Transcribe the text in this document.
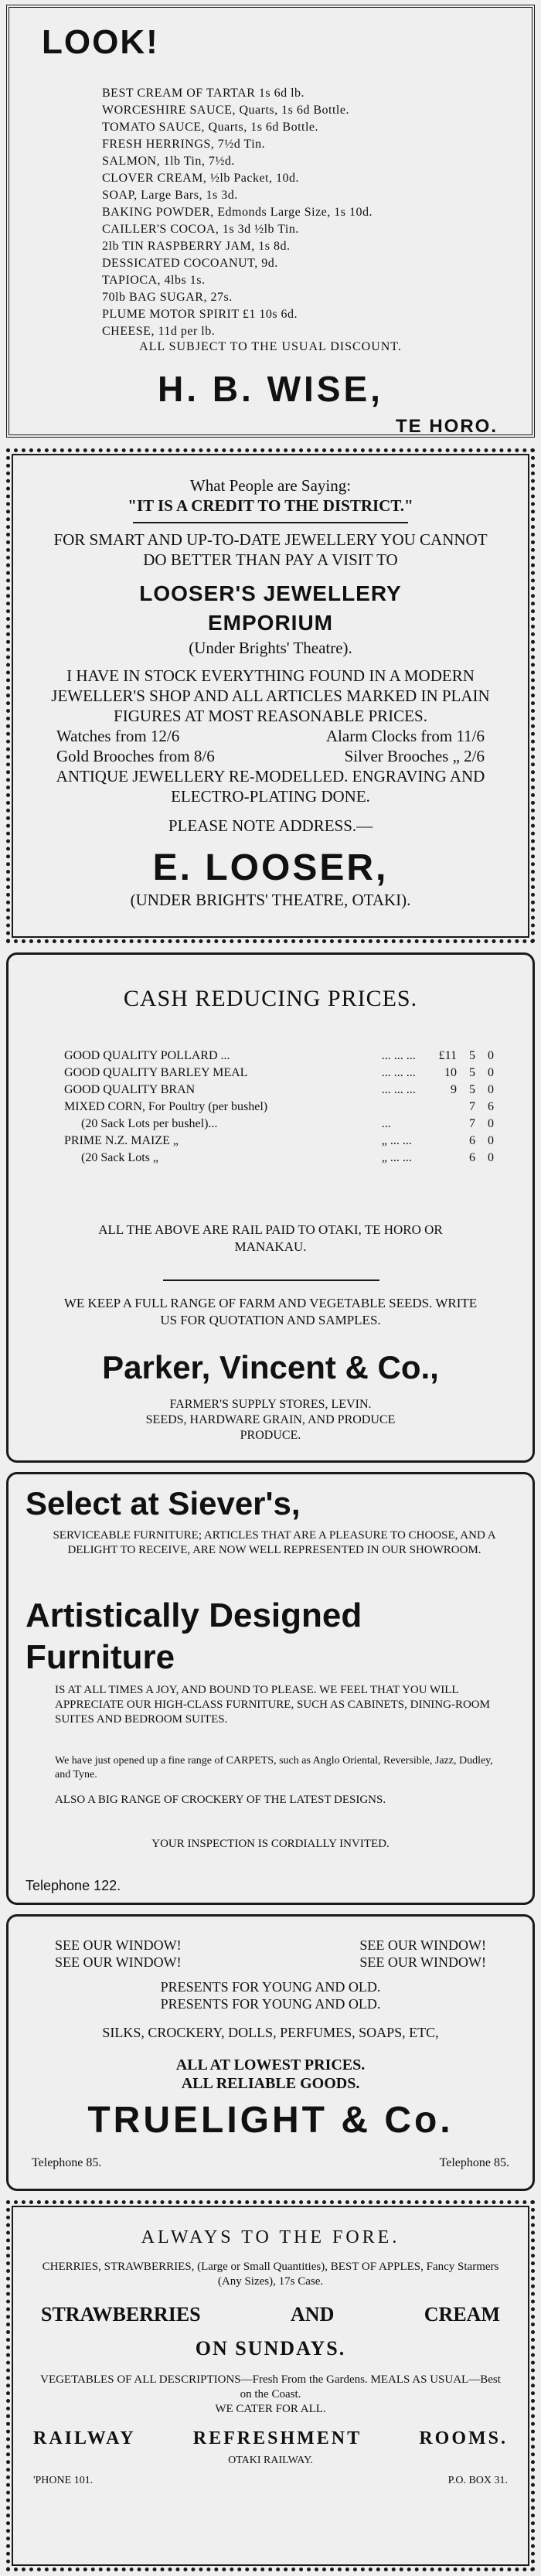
LOOK!
BEST CREAM OF TARTAR 1s 6d lb.
WORCESHIRE SAUCE, Quarts, 1s 6d Bottle.
TOMATO SAUCE, Quarts, 1s 6d Bottle.
FRESH HERRINGS, 7½d Tin.
SALMON, 1lb Tin, 7½d.
CLOVER CREAM, ½lb Packet, 10d.
SOAP, Large Bars, 1s 3d.
BAKING POWDER, Edmonds Large Size, 1s 10d.
CAILLER'S COCOA, 1s 3d ½lb Tin.
2lb TIN RASPBERRY JAM, 1s 8d.
DESSICATED COCOANUT, 9d.
TAPIOCA, 4lbs 1s.
70lb BAG SUGAR, 27s.
PLUME MOTOR SPIRIT £1 10s 6d.
CHEESE, 11d per lb.
ALL SUBJECT TO THE USUAL DISCOUNT.
H. B. WISE,
TE HORO.
What People are Saying:
"IT IS A CREDIT TO THE DISTRICT."
FOR SMART AND UP-TO-DATE JEWELLERY YOU CANNOT DO BETTER THAN PAY A VISIT TO
LOOSER'S JEWELLERY
EMPORIUM
(Under Brights' Theatre).
I HAVE IN STOCK EVERYTHING FOUND IN A MODERN JEWELLER'S SHOP AND ALL ARTICLES MARKED IN PLAIN FIGURES AT MOST REASONABLE PRICES.
Watches from 12/6	Alarm Clocks from 11/6
Gold Brooches from 8/6	Silver Brooches „ 2/6
ANTIQUE JEWELLERY RE-MODELLED. ENGRAVING AND ELECTRO-PLATING DONE.
PLEASE NOTE ADDRESS.—
E. LOOSER,
(UNDER BRIGHTS' THEATRE, OTAKI).
CASH REDUCING PRICES.
GOOD QUALITY POLLARD ...	... ... ...	£11	5	0
GOOD QUALITY BARLEY MEAL	... ... ...	10	5	0
GOOD QUALITY BRAN	... ... ...	9	5	0
MIXED CORN, For Poultry (per bushel)			7	6
(20 Sack Lots per bushel)...	...		7	0
PRIME N.Z. MAIZE „	„ ... ...		6	0
(20 Sack Lots „	„ ... ...		6	0
ALL THE ABOVE ARE RAIL PAID TO OTAKI, TE HORO OR MANAKAU.
WE KEEP A FULL RANGE OF FARM AND VEGETABLE SEEDS. WRITE US FOR QUOTATION AND SAMPLES.
Parker, Vincent & Co.,
FARMER'S SUPPLY STORES, LEVIN.
SEEDS, HARDWARE GRAIN, AND PRODUCE
PRODUCE.
Select at Siever's,
SERVICEABLE FURNITURE; ARTICLES THAT ARE A PLEASURE TO CHOOSE, AND A DELIGHT TO RECEIVE, ARE NOW WELL REPRESENTED IN OUR SHOWROOM.
Artistically Designed
Furniture
IS AT ALL TIMES A JOY, AND BOUND TO PLEASE. WE FEEL THAT YOU WILL APPRECIATE OUR HIGH-CLASS FURNITURE, SUCH AS CABINETS, DINING-ROOM SUITES AND BEDROOM SUITES.
We have just opened up a fine range of CARPETS, such as Anglo Oriental, Reversible, Jazz, Dudley, and Tyne.
ALSO A BIG RANGE OF CROCKERY OF THE LATEST DESIGNS.
YOUR INSPECTION IS CORDIALLY INVITED.
Telephone 122.
SEE OUR WINDOW!	SEE OUR WINDOW!
SEE OUR WINDOW!	SEE OUR WINDOW!
PRESENTS FOR YOUNG AND OLD.
PRESENTS FOR YOUNG AND OLD.
SILKS, CROCKERY, DOLLS, PERFUMES, SOAPS, ETC,
ALL AT LOWEST PRICES.
ALL RELIABLE GOODS.
TRUELIGHT & Co.
Telephone 85.	Telephone 85.
ALWAYS TO THE FORE.
CHERRIES, STRAWBERRIES, (Large or Small Quantities), BEST OF APPLES, Fancy Starmers (Any Sizes), 17s Case.
STRAWBERRIES	AND	CREAM
ON SUNDAYS.
VEGETABLES OF ALL DESCRIPTIONS—Fresh From the Gardens. MEALS AS USUAL—Best on the Coast.
WE CATER FOR ALL.
RAILWAY	REFRESHMENT	ROOMS.
OTAKI RAILWAY.
'PHONE 101.	P.O. BOX 31.
